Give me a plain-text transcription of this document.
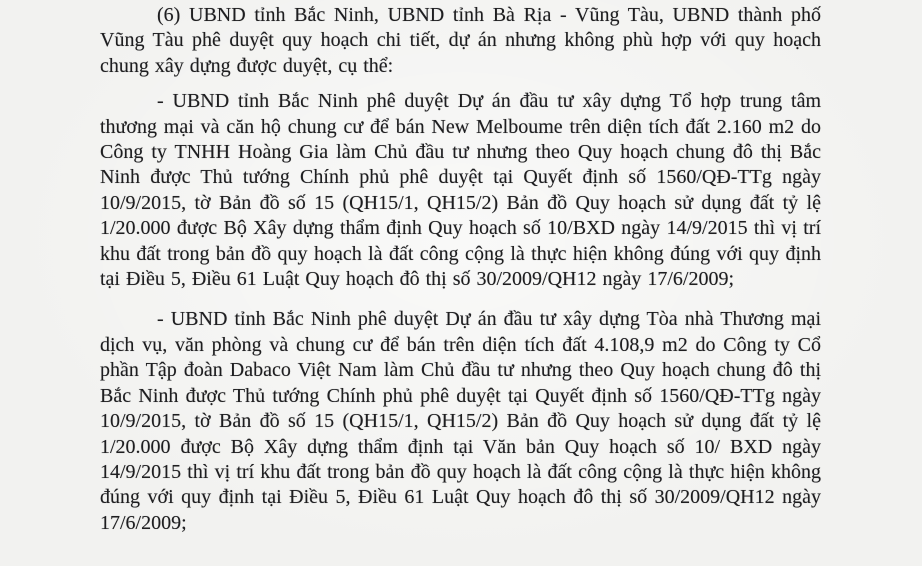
(6) UBND tỉnh Bắc Ninh, UBND tỉnh Bà Rịa - Vũng Tàu, UBND thành phố Vũng Tàu phê duyệt quy hoạch chi tiết, dự án nhưng không phù hợp với quy hoạch chung xây dựng được duyệt, cụ thể:

- UBND tỉnh Bắc Ninh phê duyệt Dự án đầu tư xây dựng Tổ hợp trung tâm thương mại và căn hộ chung cư để bán New Melboume trên diện tích đất 2.160 m2 do Công ty TNHH Hoàng Gia làm Chủ đầu tư nhưng theo Quy hoạch chung đô thị Bắc Ninh được Thủ tướng Chính phủ phê duyệt tại Quyết định số 1560/QĐ-TTg ngày 10/9/2015, tờ Bản đồ số 15 (QH15/1, QH15/2) Bản đồ Quy hoạch sử dụng đất tỷ lệ 1/20.000 được Bộ Xây dựng thẩm định Quy hoạch số 10/BXD ngày 14/9/2015 thì vị trí khu đất trong bản đồ quy hoạch là đất công cộng là thực hiện không đúng với quy định tại Điều 5, Điều 61 Luật Quy hoạch đô thị số 30/2009/QH12 ngày 17/6/2009;

- UBND tỉnh Bắc Ninh phê duyệt Dự án đầu tư xây dựng Tòa nhà Thương mại dịch vụ, văn phòng và chung cư để bán trên diện tích đất 4.108,9 m2 do Công ty Cổ phần Tập đoàn Dabaco Việt Nam làm Chủ đầu tư nhưng theo Quy hoạch chung đô thị Bắc Ninh được Thủ tướng Chính phủ phê duyệt tại Quyết định số 1560/QĐ-TTg ngày 10/9/2015, tờ Bản đồ số 15 (QH15/1, QH15/2) Bản đồ Quy hoạch sử dụng đất tỷ lệ 1/20.000 được Bộ Xây dựng thẩm định tại Văn bản Quy hoạch số 10/ BXD ngày 14/9/2015 thì vị trí khu đất trong bản đồ quy hoạch là đất công cộng là thực hiện không đúng với quy định tại Điều 5, Điều 61 Luật Quy hoạch đô thị số 30/2009/QH12 ngày 17/6/2009;
